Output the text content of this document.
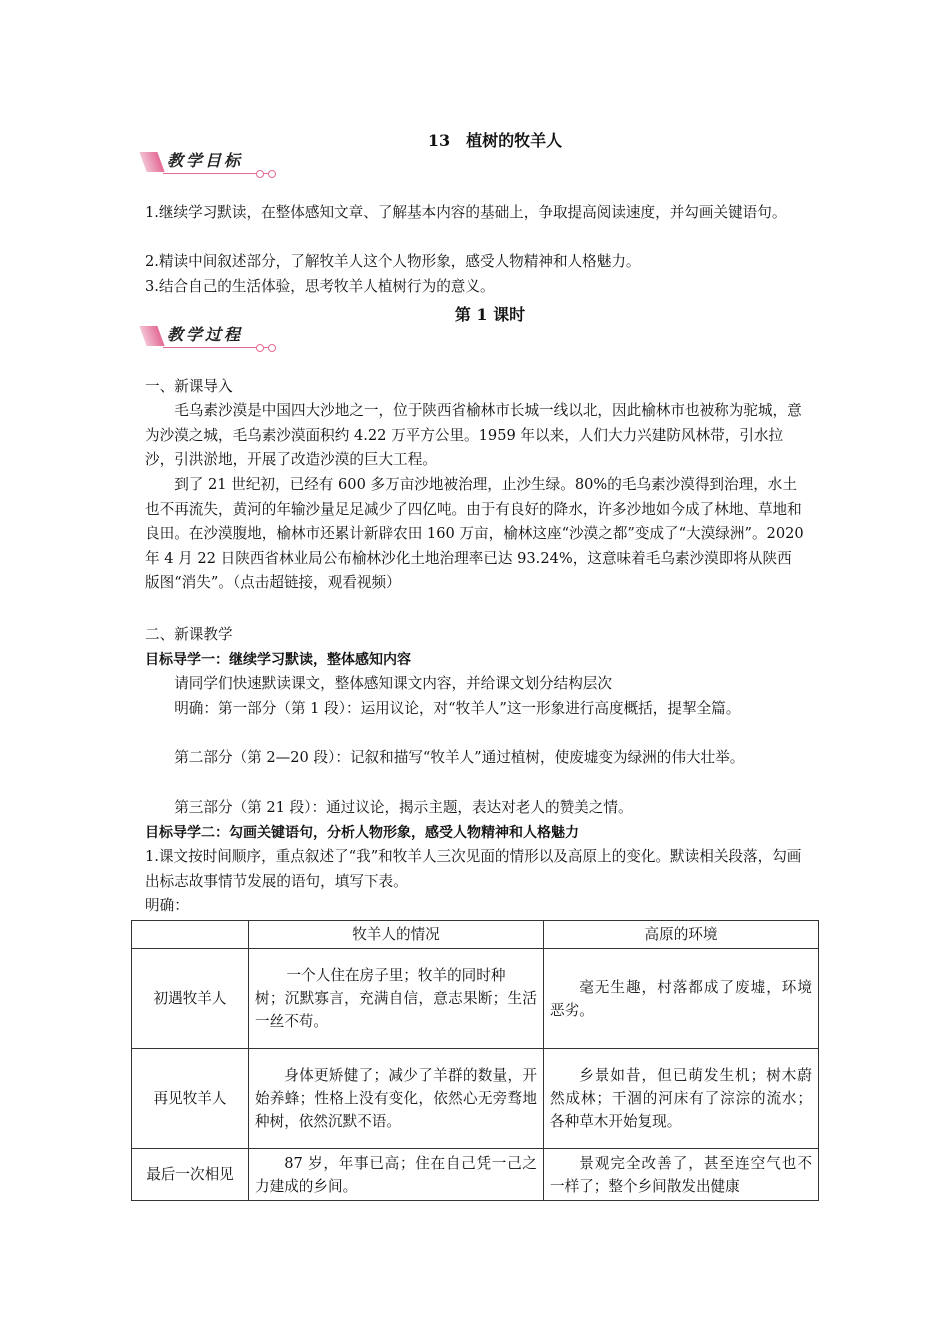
13　植树的牧羊人
教学目标
1.继续学习默读，在整体感知文章、了解基本内容的基础上，争取提高阅读速度，并勾画关键语句。
2.精读中间叙述部分，了解牧羊人这个人物形象，感受人物精神和人格魅力。
3.结合自己的生活体验，思考牧羊人植树行为的意义。
第 1 课时
教学过程
一、新课导入
毛乌素沙漠是中国四大沙地之一，位于陕西省榆林市长城一线以北，因此榆林市也被称为驼城，意为沙漠之城，毛乌素沙漠面积约 4.22 万平方公里。1959 年以来，人们大力兴建防风林带，引水拉沙，引洪淤地，开展了改造沙漠的巨大工程。
到了 21 世纪初，已经有 600 多万亩沙地被治理，止沙生绿。80%的毛乌素沙漠得到治理，水土也不再流失，黄河的年输沙量足足减少了四亿吨。由于有良好的降水，许多沙地如今成了林地、草地和良田。在沙漠腹地，榆林市还累计新辟农田 160 万亩，榆林这座“沙漠之都”变成了“大漠绿洲”。2020 年 4 月 22 日陕西省林业局公布榆林沙化土地治理率已达 93.24%，这意味着毛乌素沙漠即将从陕西版图“消失”。（点击超链接，观看视频）
二、新课教学
目标导学一：继续学习默读，整体感知内容
请同学们快速默读课文，整体感知课文内容，并给课文划分结构层次
明确：第一部分（第 1 段）：运用议论，对“牧羊人”这一形象进行高度概括，提挈全篇。
第二部分（第 2—20 段）：记叙和描写“牧羊人”通过植树，使废墟变为绿洲的伟大壮举。
第三部分（第 21 段）：通过议论，揭示主题，表达对老人的赞美之情。
目标导学二：勾画关键语句，分析人物形象，感受人物精神和人格魅力
1.课文按时间顺序，重点叙述了“我”和牧羊人三次见面的情形以及高原上的变化。默读相关段落，勾画出标志故事情节发展的语句，填写下表。
明确：
	牧羊人的情况	高原的环境
初遇牧羊人	一个人住在房子里；牧羊的同时种
树；沉默寡言，充满自信，意志果断；生活一丝不苟。	毫无生趣，村落都成了废墟，环境恶劣。
再见牧羊人	身体更矫健了；减少了羊群的数量，开始养蜂；性格上没有变化，依然心无旁骛地种树，依然沉默不语。	乡景如昔，但已萌发生机；树木蔚然成林；干涸的河床有了淙淙的流水；各种草木开始复现。
最后一次相见	87 岁，年事已高；住在自己凭一己之力建成的乡间。	景观完全改善了，甚至连空气也不一样了；整个乡间散发出健康
